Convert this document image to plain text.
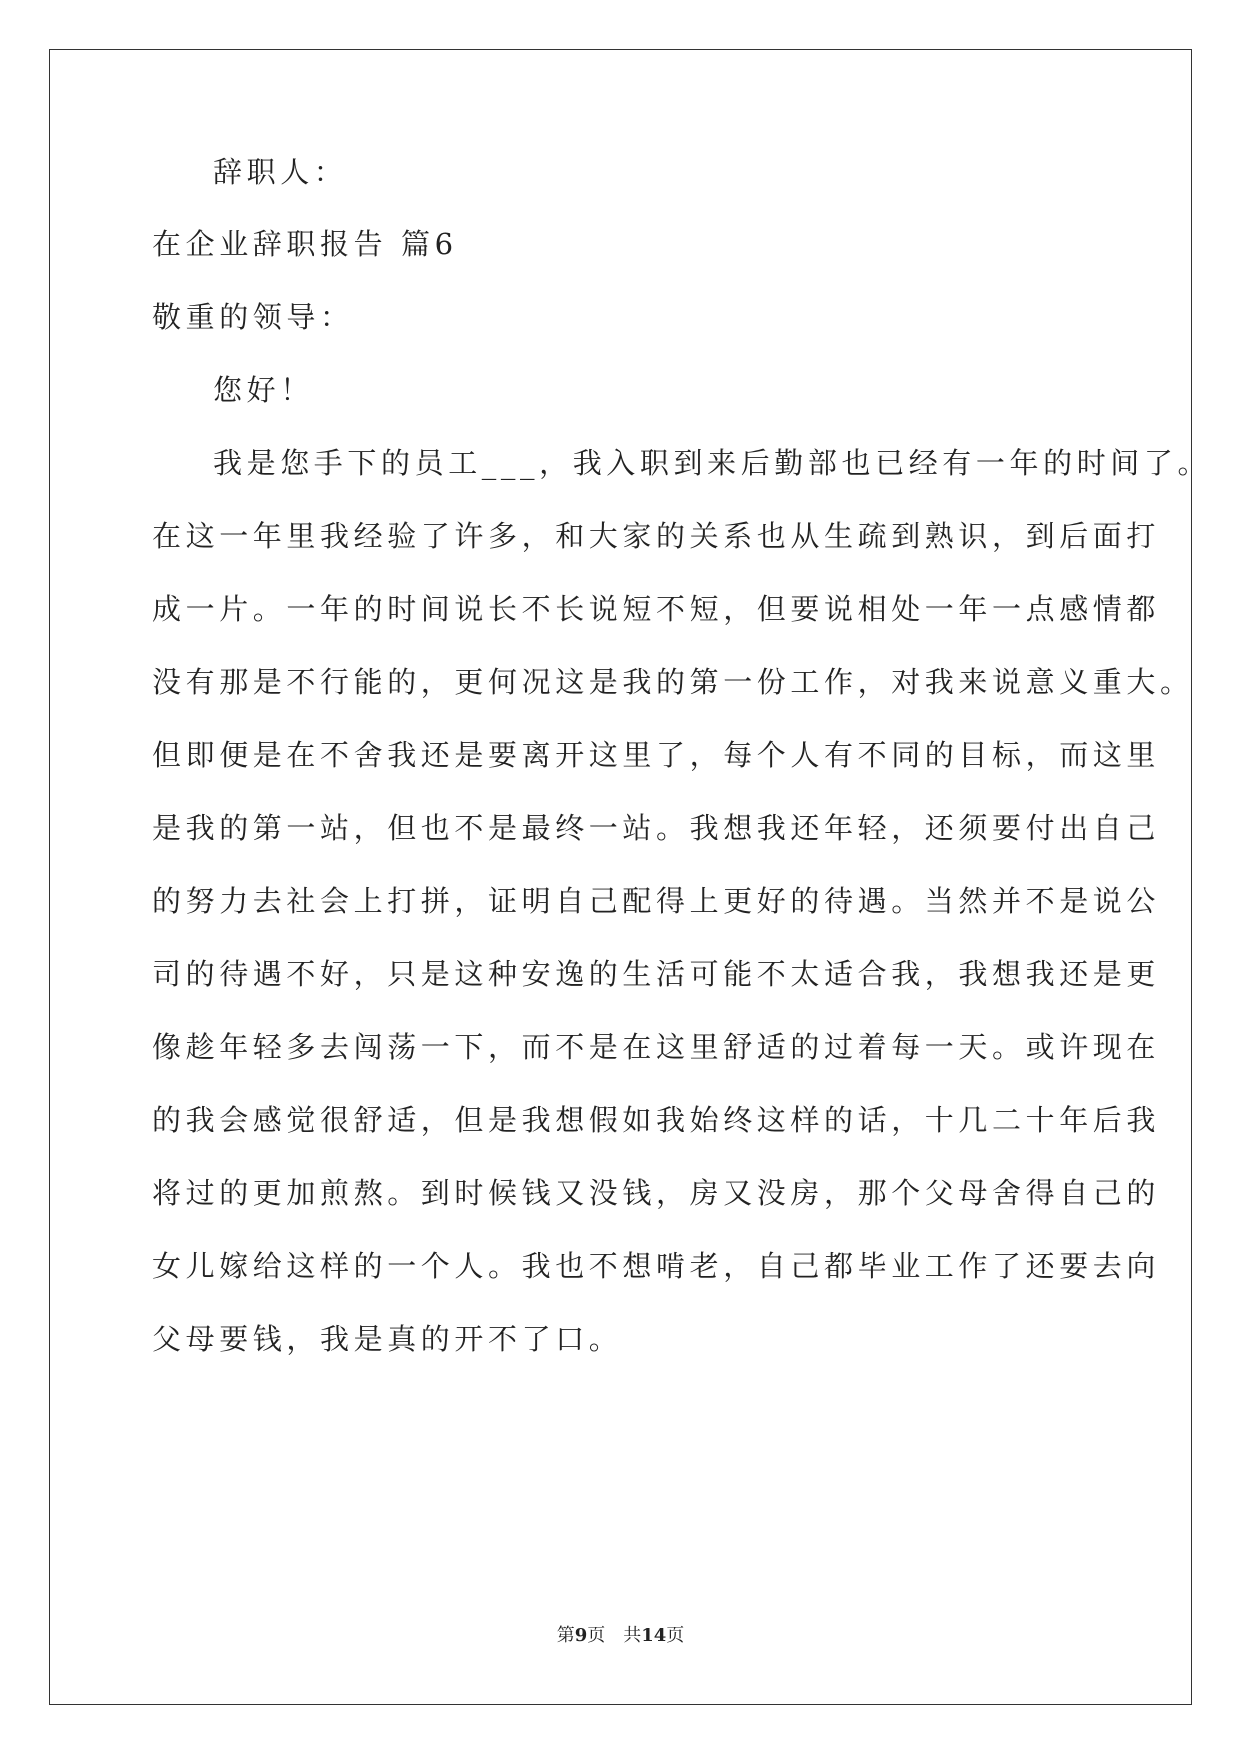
辞职人：
在企业辞职报告 篇6
敬重的领导：
您好！
我是您手下的员工___，我入职到来后勤部也已经有一年的时间了。
在这一年里我经验了许多，和大家的关系也从生疏到熟识，到后面打
成一片。一年的时间说长不长说短不短，但要说相处一年一点感情都
没有那是不行能的，更何况这是我的第一份工作，对我来说意义重大。
但即便是在不舍我还是要离开这里了，每个人有不同的目标，而这里
是我的第一站，但也不是最终一站。我想我还年轻，还须要付出自己
的努力去社会上打拼，证明自己配得上更好的待遇。当然并不是说公
司的待遇不好，只是这种安逸的生活可能不太适合我，我想我还是更
像趁年轻多去闯荡一下，而不是在这里舒适的过着每一天。或许现在
的我会感觉很舒适，但是我想假如我始终这样的话，十几二十年后我
将过的更加煎熬。到时候钱又没钱，房又没房，那个父母舍得自己的
女儿嫁给这样的一个人。我也不想啃老，自己都毕业工作了还要去向
父母要钱，我是真的开不了口。
第9页 共14页
